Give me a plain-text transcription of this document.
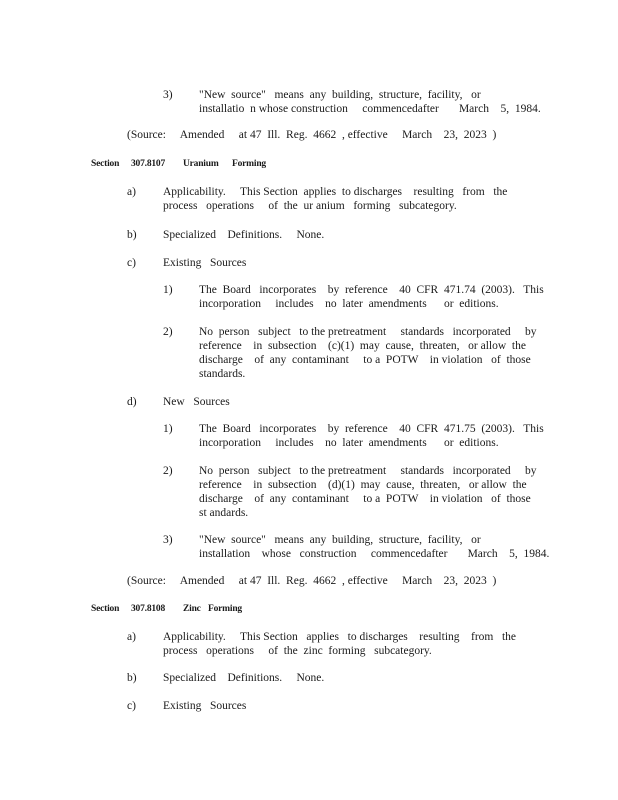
3) "New  source"   means  any  building,  structure,  facility,   or
installatio  n whose construction     commencedafter       March    5,  1984.
(Source:     Amended     at 47  Ill.  Reg.  4662  , effective     March    23,  2023  )
Section 307.8107 Uranium Forming
a) Applicability.     This Section  applies  to discharges    resulting   from   the
process   operations     of  the  ur anium   forming   subcategory.
b) Specialized    Definitions.     None.
c) Existing   Sources
1) The  Board   incorporates    by  reference    40  CFR  471.74  (2003).   This
incorporation     includes    no  later  amendments      or  editions.
2) No  person   subject   to the pretreatment     standards   incorporated     by
reference    in  subsection    (c)(1)  may  cause,  threaten,   or allow  the
discharge    of  any  contaminant     to a  POTW    in violation   of  those
standards.
d) New   Sources
1) The  Board   incorporates    by  reference    40  CFR  471.75  (2003).   This
incorporation     includes    no  later  amendments      or  editions.
2) No  person   subject   to the pretreatment     standards   incorporated     by
reference    in  subsection    (d)(1)  may  cause,  threaten,   or allow  the
discharge    of  any  contaminant     to a  POTW    in violation   of  those
st andards.
3) "New  source"   means  any  building,  structure,  facility,   or
installation    whose   construction     commencedafter       March    5,  1984.
(Source:     Amended     at 47  Ill.  Reg.  4662  , effective     March    23,  2023  )
Section 307.8108 Zinc Forming
a) Applicability.     This Section   applies   to discharges    resulting    from   the
process   operations     of  the  zinc  forming   subcategory.
b) Specialized    Definitions.     None.
c) Existing   Sources
